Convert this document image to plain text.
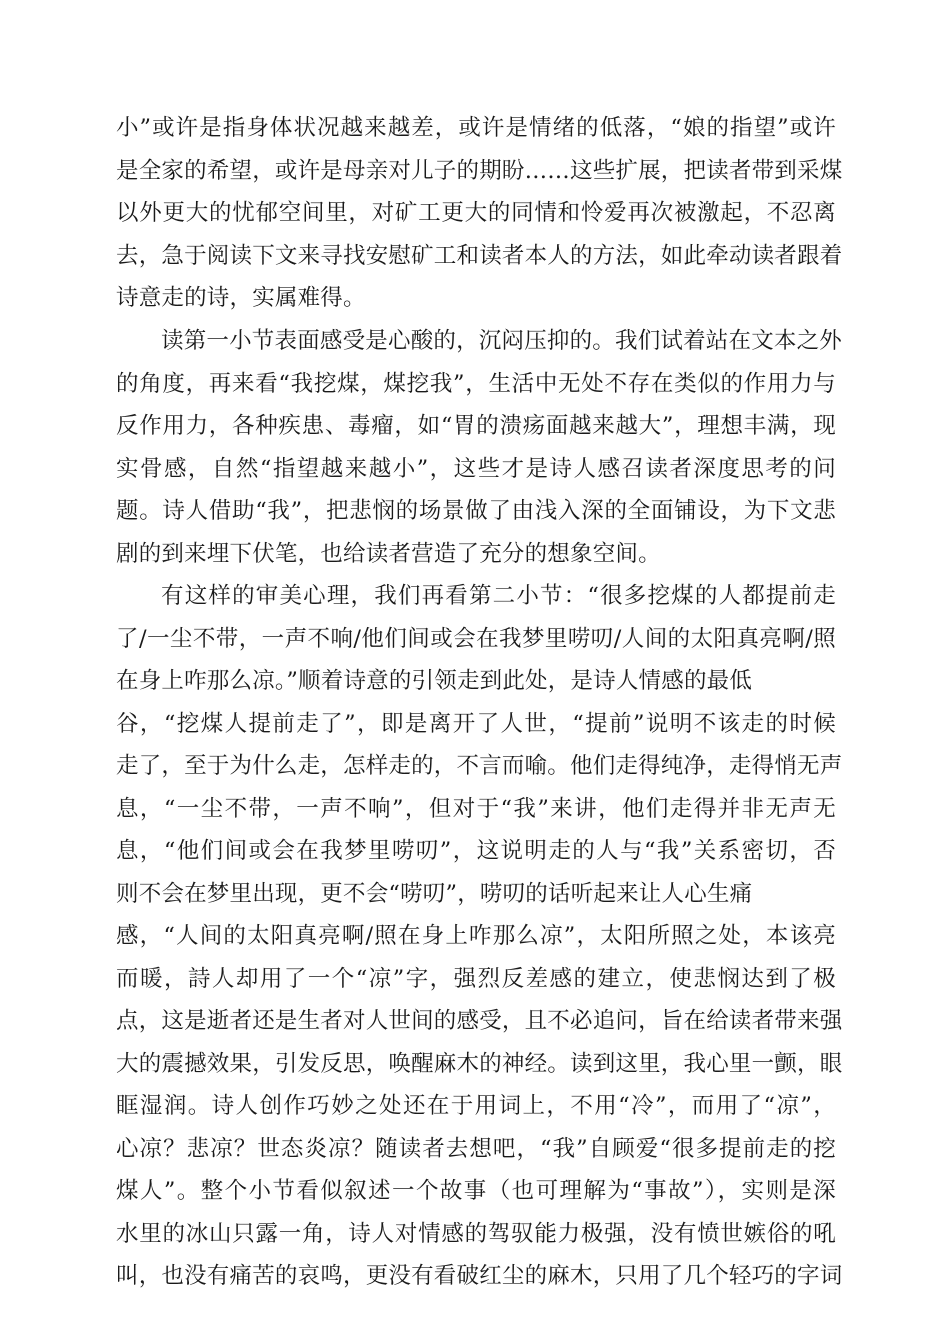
小”或许是指身体状况越来越差，或许是情绪的低落，“娘的指望”或许
是全家的希望，或许是母亲对儿子的期盼……这些扩展，把读者带到采煤
以外更大的忧郁空间里，对矿工更大的同情和怜爱再次被激起，不忍离
去，急于阅读下文来寻找安慰矿工和读者本人的方法，如此牵动读者跟着
诗意走的诗，实属难得。
读第一小节表面感受是心酸的，沉闷压抑的。我们试着站在文本之外
的角度，再来看“我挖煤，煤挖我”，生活中无处不存在类似的作用力与
反作用力，各种疾患、毒瘤，如“胃的溃疡面越来越大”，理想丰满，现
实骨感，自然“指望越来越小”，这些才是诗人感召读者深度思考的问
题。诗人借助“我”，把悲悯的场景做了由浅入深的全面铺设，为下文悲
剧的到来埋下伏笔，也给读者营造了充分的想象空间。
有这样的审美心理，我们再看第二小节：“很多挖煤的人都提前走
了/一尘不带，一声不响/他们间或会在我梦里唠叨/人间的太阳真亮啊/照
在身上咋那么凉。”顺着诗意的引领走到此处，是诗人情感的最低
谷，“挖煤人提前走了”，即是离开了人世，“提前”说明不该走的时候
走了，至于为什么走，怎样走的，不言而喻。他们走得纯净，走得悄无声
息，“一尘不带，一声不响”，但对于“我”来讲，他们走得并非无声无
息，“他们间或会在我梦里唠叨”，这说明走的人与“我”关系密切，否
则不会在梦里出现，更不会“唠叨”，唠叨的话听起来让人心生痛
感，“人间的太阳真亮啊/照在身上咋那么凉”，太阳所照之处，本该亮
而暖，詩人却用了一个“凉”字，强烈反差感的建立，使悲悯达到了极
点，这是逝者还是生者对人世间的感受，且不必追问，旨在给读者带来强
大的震撼效果，引发反思，唤醒麻木的神经。读到这里，我心里一颤，眼
眶湿润。诗人创作巧妙之处还在于用词上，不用“冷”，而用了“凉”，
心凉？悲凉？世态炎凉？随读者去想吧，“我”自顾爱“很多提前走的挖
煤人”。整个小节看似叙述一个故事（也可理解为“事故”），实则是深
水里的冰山只露一角，诗人对情感的驾驭能力极强，没有愤世嫉俗的吼
叫，也没有痛苦的哀鸣，更没有看破红尘的麻木，只用了几个轻巧的字词
